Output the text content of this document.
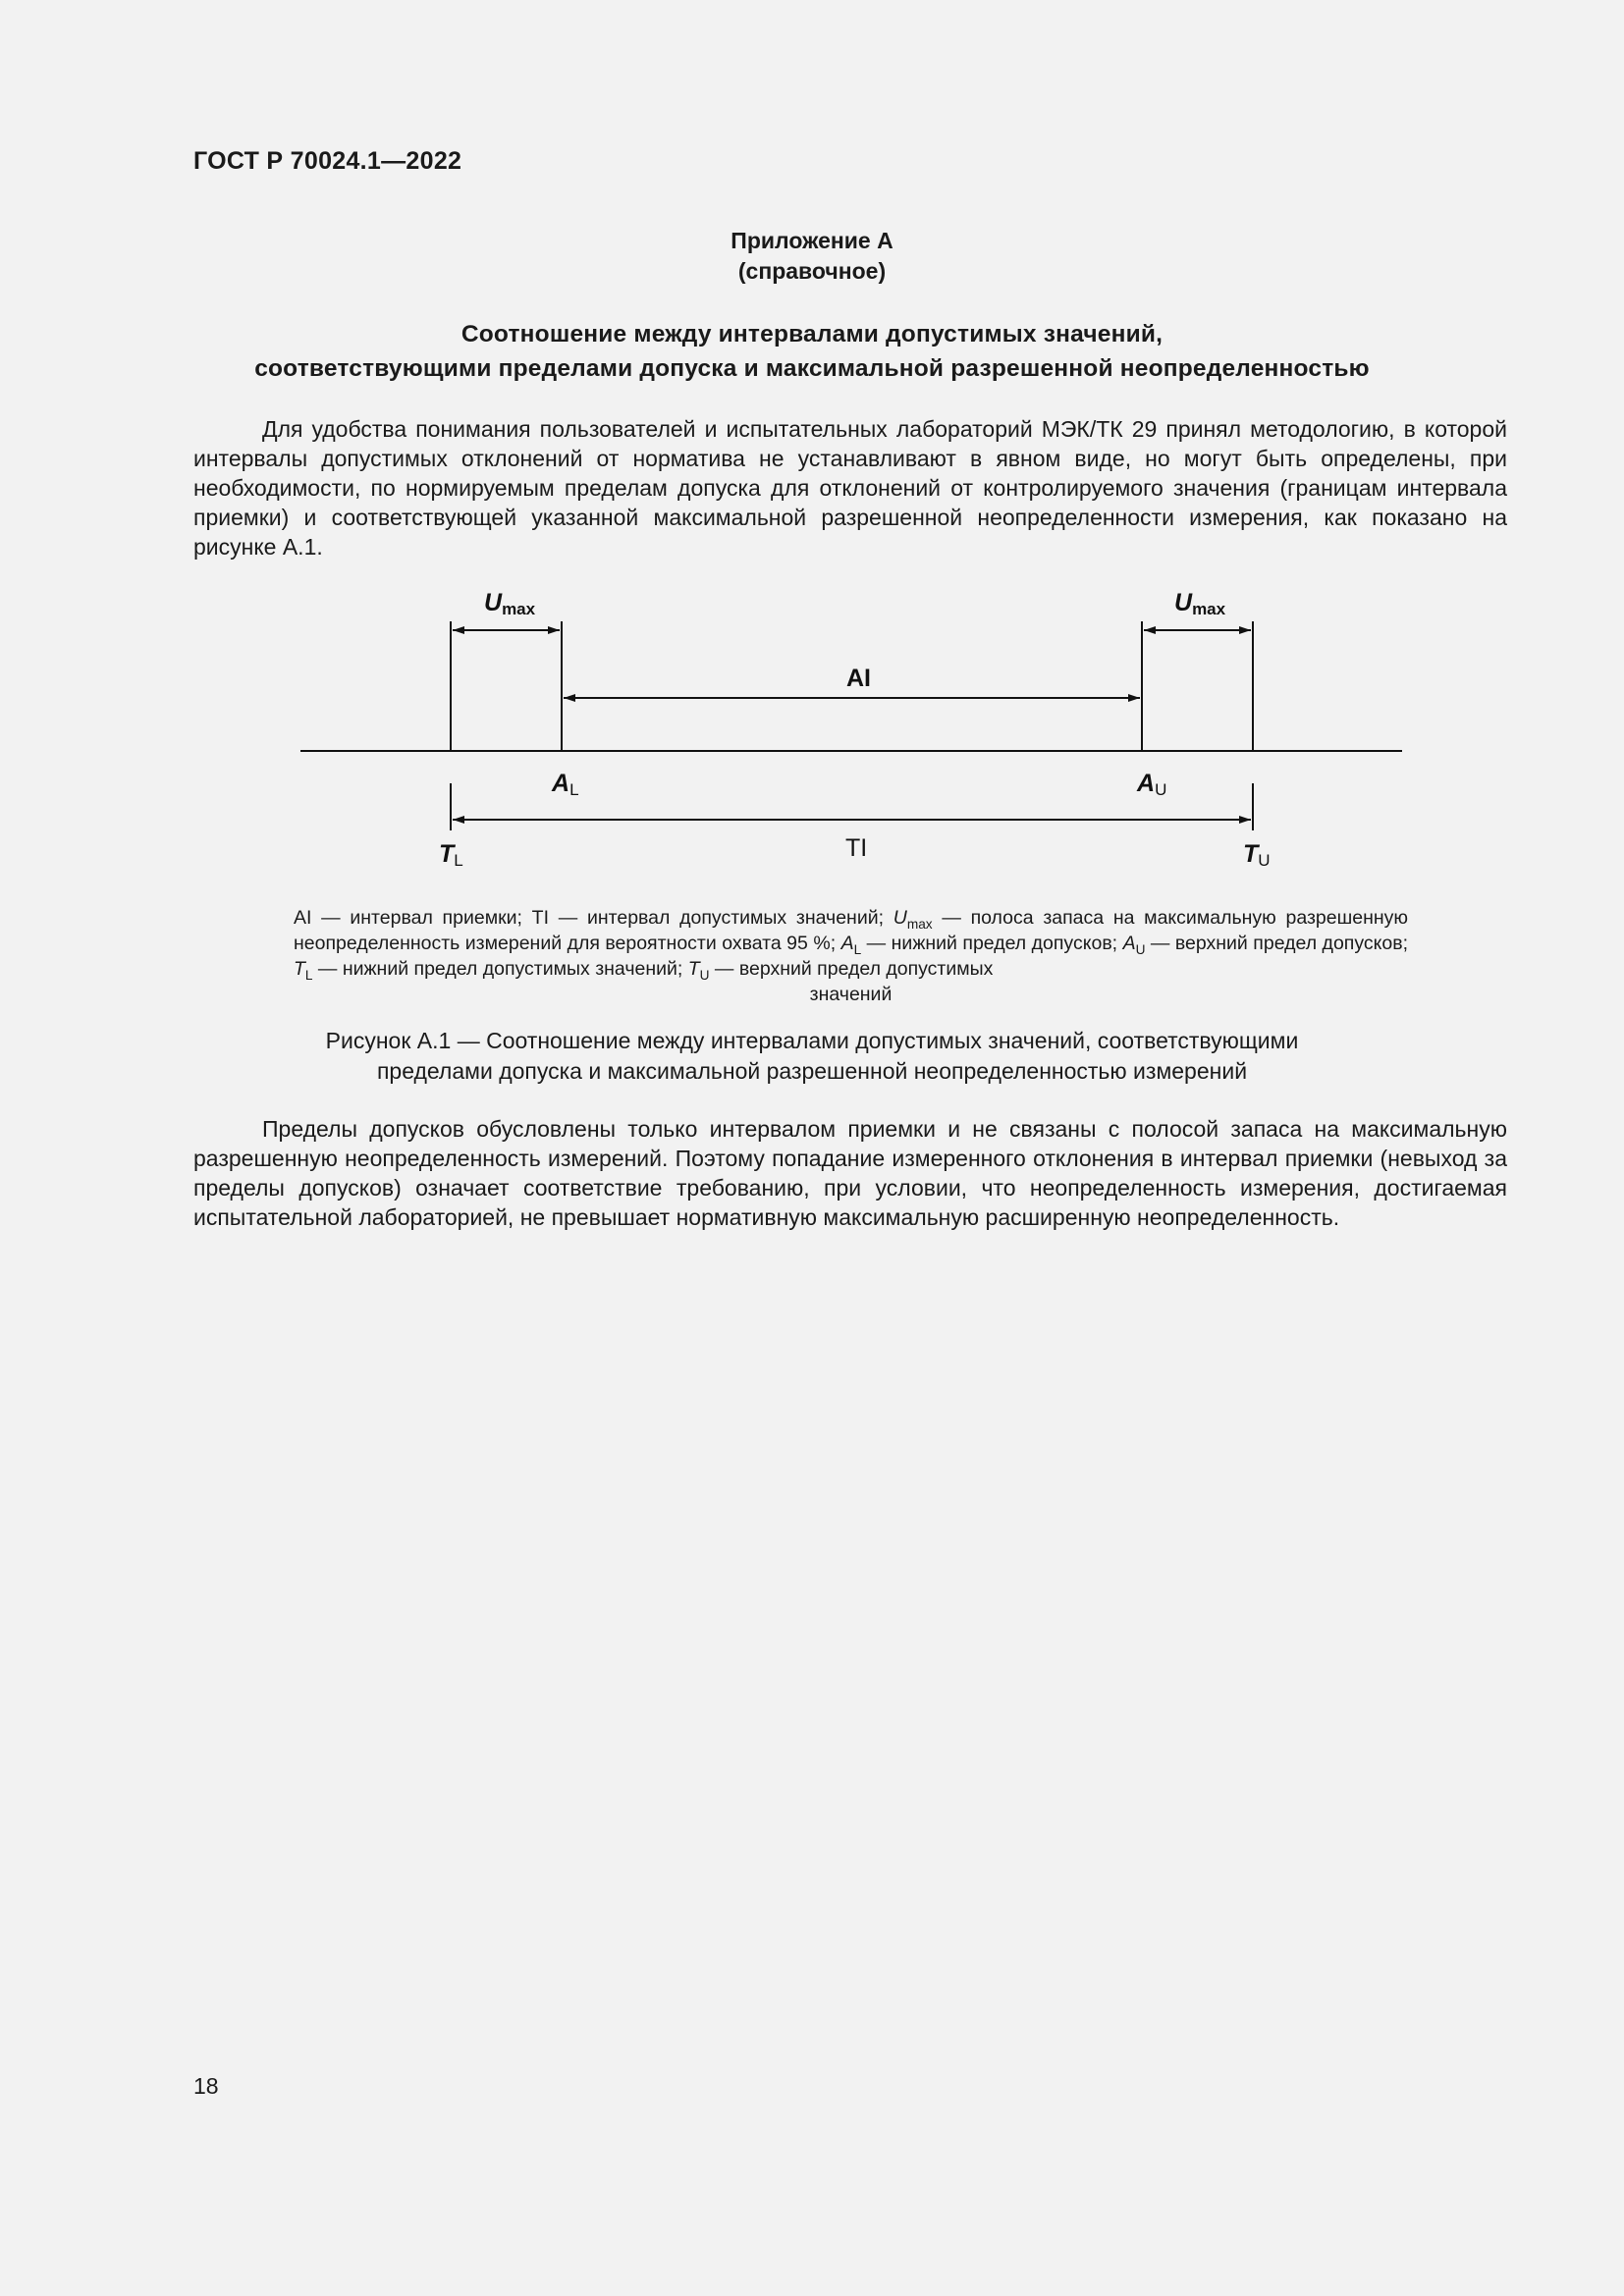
ГОСТ Р 70024.1—2022
Приложение А
(справочное)
Соотношение между интервалами допустимых значений,
соответствующими пределами допуска и максимальной разрешенной неопределенностью

Для удобства понимания пользователей и испытательных лабораторий МЭК/ТК 29 принял методологию, в которой интервалы допустимых отклонений от норматива не устанавливают в явном виде, но могут быть определены, при необходимости, по нормируемым пределам допуска для отклонений от контролируемого значения (границам интервала приемки) и соответствующей указанной максимальной разрешенной неопределенности измерения, как показано на рисунке А.1.

Umax	Umax
AI
AL	AU
TI
TL	TU

AI — интервал приемки; TI — интервал допустимых значений; $U_{max}$ — полоса запаса на максимальную разрешенную неопределенность измерений для вероятности охвата 95 %; $A_L$ — нижний предел допусков; $A_U$ — верхний предел допусков; $T_L$ — нижний предел допустимых значений; $T_U$ — верхний предел допустимых
значений

Рисунок А.1 — Соотношение между интервалами допустимых значений, соответствующими
пределами допуска и максимальной разрешенной неопределенностью измерений

Пределы допусков обусловлены только интервалом приемки и не связаны с полосой запаса на максимальную разрешенную неопределенность измерений. Поэтому попадание измеренного отклонения в интервал приемки (невыход за пределы допусков) означает соответствие требованию, при условии, что неопределенность измерения, достигаемая испытательной лабораторией, не превышает нормативную максимальную расширенную неопределенность.

18
